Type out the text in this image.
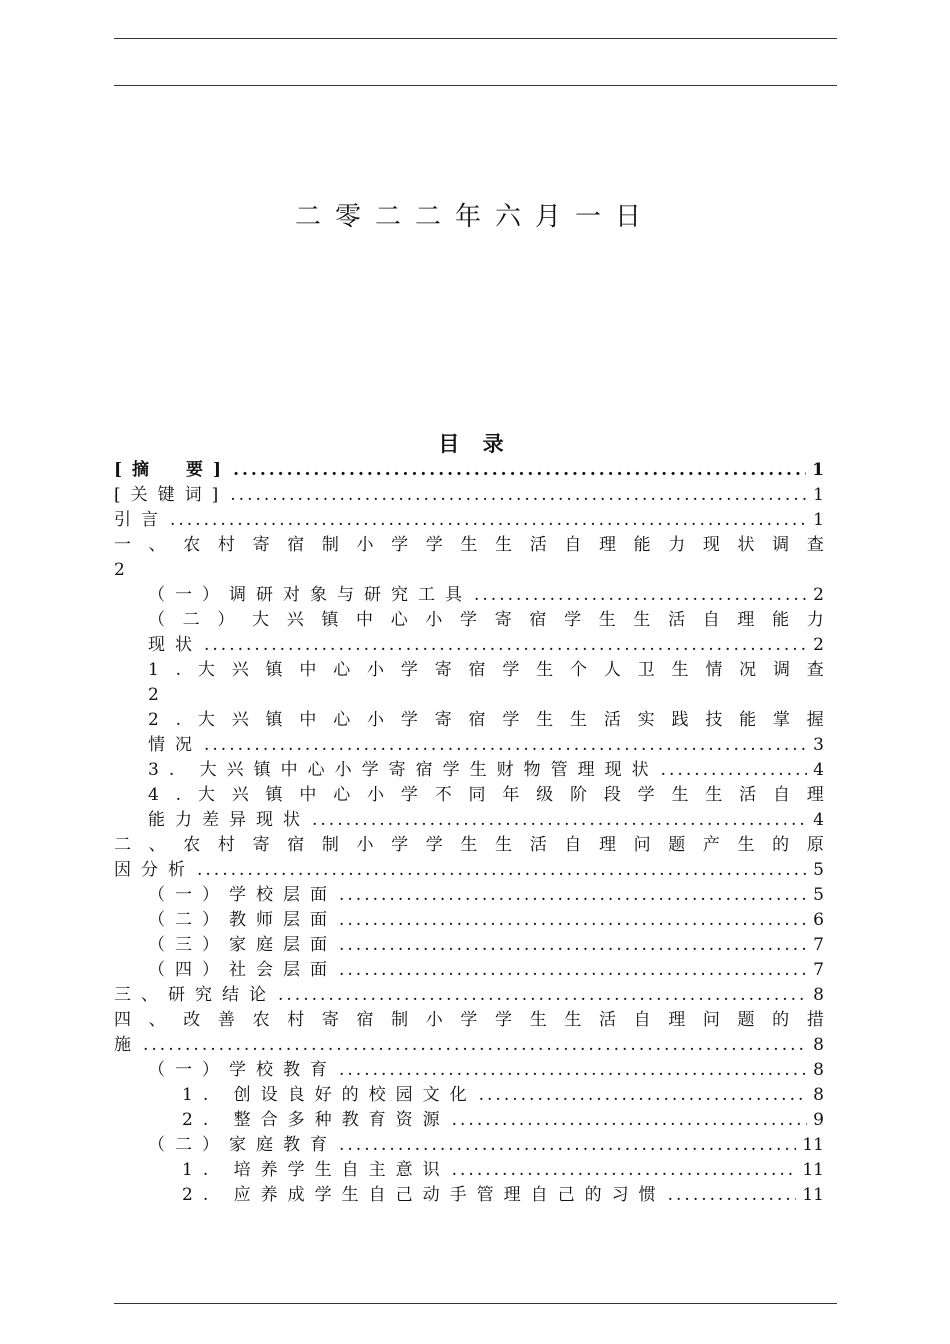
二零二二年六月一日
目 录
[摘　要] .....	1
[关键词] .....	1
引言 .....	1
一 、 农 村 寄 宿 制 小 学 学 生 生 活 自 理 能 力 现 状 调 查
2
（一）调研对象与研究工具 .....	2
（ 二 ） 大 兴 镇 中 心 小 学 寄 宿 学 生 生 活 自 理 能 力
现状 .....	2
1 . 大 兴 镇 中 心 小 学 寄 宿 学 生 个 人 卫 生 情 况 调 查
2
2 . 大 兴 镇 中 心 小 学 寄 宿 学 生 生 活 实 践 技 能 掌 握
情况 .....	3
3. 大兴镇中心小学寄宿学生财物管理现状 .....	4
4 . 大 兴 镇 中 心 小 学 不 同 年 级 阶 段 学 生 生 活 自 理
能力差异现状 .....	4
二 、 农 村 寄 宿 制 小 学 学 生 生 活 自 理 问 题 产 生 的 原
因分析 .....	5
（一）学校层面 .....	5
（二）教师层面 .....	6
（三）家庭层面 .....	7
（四）社会层面 .....	7
三、研究结论 .....	8
四 、 改 善 农 村 寄 宿 制 小 学 学 生 生 活 自 理 问 题 的 措
施 .....	8
（一）学校教育 .....	8
1. 创设良好的校园文化 .....	8
2. 整合多种教育资源 .....	9
（二）家庭教育 .....	11
1. 培养学生自主意识 .....	11
2. 应养成学生自己动手管理自己的习惯 .....	11
